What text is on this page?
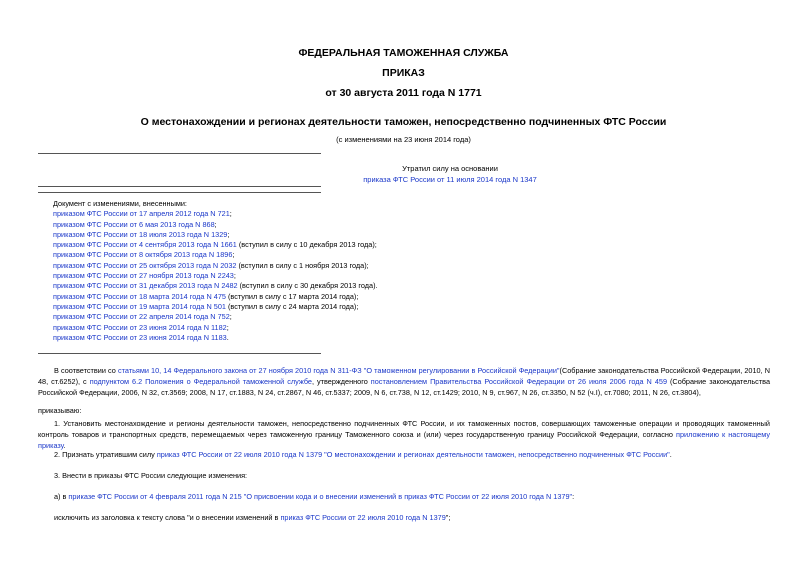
ФЕДЕРАЛЬНАЯ ТАМОЖЕННАЯ СЛУЖБА
ПРИКАЗ
от 30 августа 2011 года N 1771
О местонахождении и регионах деятельности таможен, непосредственно подчиненных ФТС России
(с изменениями на 23 июня 2014 года)
Утратил силу на основании
приказа ФТС России от 11 июля 2014 года N 1347
Документ с изменениями, внесенными:
приказом ФТС России от 17 апреля 2012 года N 721;
приказом ФТС России от 6 мая 2013 года N 868;
приказом ФТС России от 18 июля 2013 года N 1329;
приказом ФТС России от 4 сентября 2013 года N 1661 (вступил в силу с 10 декабря 2013 года);
приказом ФТС России от 8 октября 2013 года N 1896;
приказом ФТС России от 25 октября 2013 года N 2032 (вступил в силу с 1 ноября 2013 года);
приказом ФТС России от 27 ноября 2013 года N 2243;
приказом ФТС России от 31 декабря 2013 года N 2482 (вступил в силу с 30 декабря 2013 года).
приказом ФТС России от 18 марта 2014 года N 475 (вступил в силу с 17 марта 2014 года);
приказом ФТС России от 19 марта 2014 года N 501 (вступил в силу с 24 марта 2014 года);
приказом ФТС России от 22 апреля 2014 года N 752;
приказом ФТС России от 23 июня 2014 года N 1182;
приказом ФТС России от 23 июня 2014 года N 1183.
В соответствии со статьями 10, 14 Федерального закона от 27 ноября 2010 года N 311-ФЗ "О таможенном регулировании в Российской Федерации"(Собрание законодательства Российской Федерации, 2010, N 48, ст.6252), с подпунктом 6.2 Положения о Федеральной таможенной службе, утвержденного постановлением Правительства Российской Федерации от 26 июля 2006 года N 459 (Собрание законодательства Российской Федерации, 2006, N 32, ст.3569; 2008, N 17, ст.1883, N 24, ст.2867, N 46, ст.5337; 2009, N 6, ст.738, N 12, ст.1429; 2010, N 9, ст.967, N 26, ст.3350, N 52 (ч.I), ст.7080; 2011, N 26, ст.3804),
приказываю:
1. Установить местонахождение и регионы деятельности таможен, непосредственно подчиненных ФТС России, и их таможенных постов, совершающих таможенные операции и проводящих таможенный контроль товаров и транспортных средств, перемещаемых через таможенную границу Таможенного союза и (или) через государственную границу Российской Федерации, согласно приложению к настоящему приказу.
2. Признать утратившим силу приказ ФТС России от 22 июля 2010 года N 1379 "О местонахождении и регионах деятельности таможен, непосредственно подчиненных ФТС России".
3. Внести в приказы ФТС России следующие изменения:
а) в приказе ФТС России от 4 февраля 2011 года N 215 "О присвоении кода и о внесении изменений в приказ ФТС России от 22 июля 2010 года N 1379":
исключить из заголовка к тексту слова "и о внесении изменений в приказ ФТС России от 22 июля 2010 года N 1379";
